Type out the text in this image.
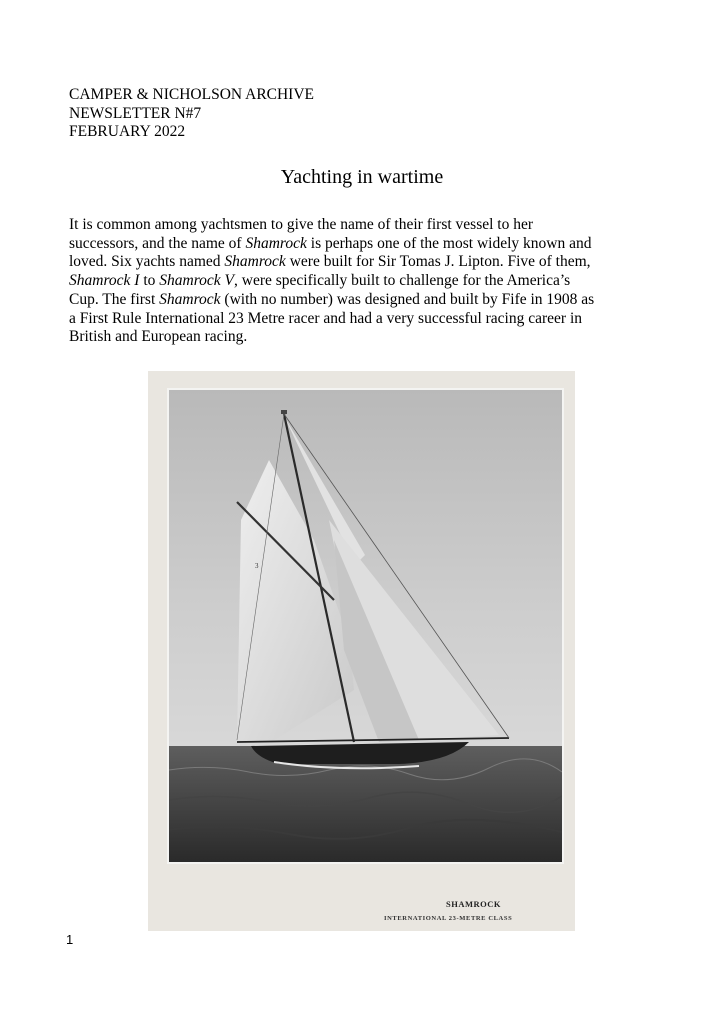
CAMPER & NICHOLSON ARCHIVE
NEWSLETTER N#7
FEBRUARY 2022
Yachting in wartime
It is common among yachtsmen to give the name of their first vessel to her
successors, and the name of Shamrock is perhaps one of the most widely known and
loved. Six yachts named Shamrock were built for Sir Tomas J. Lipton. Five of them,
Shamrock I to Shamrock V, were specifically built to challenge for the America’s
Cup. The first Shamrock (with no number) was designed and built by Fife in 1908 as
a First Rule International 23 Metre racer and had a very successful racing career in
British and European racing.
3
SHAMROCK
INTERNATIONAL 23-METRE CLASS
1
